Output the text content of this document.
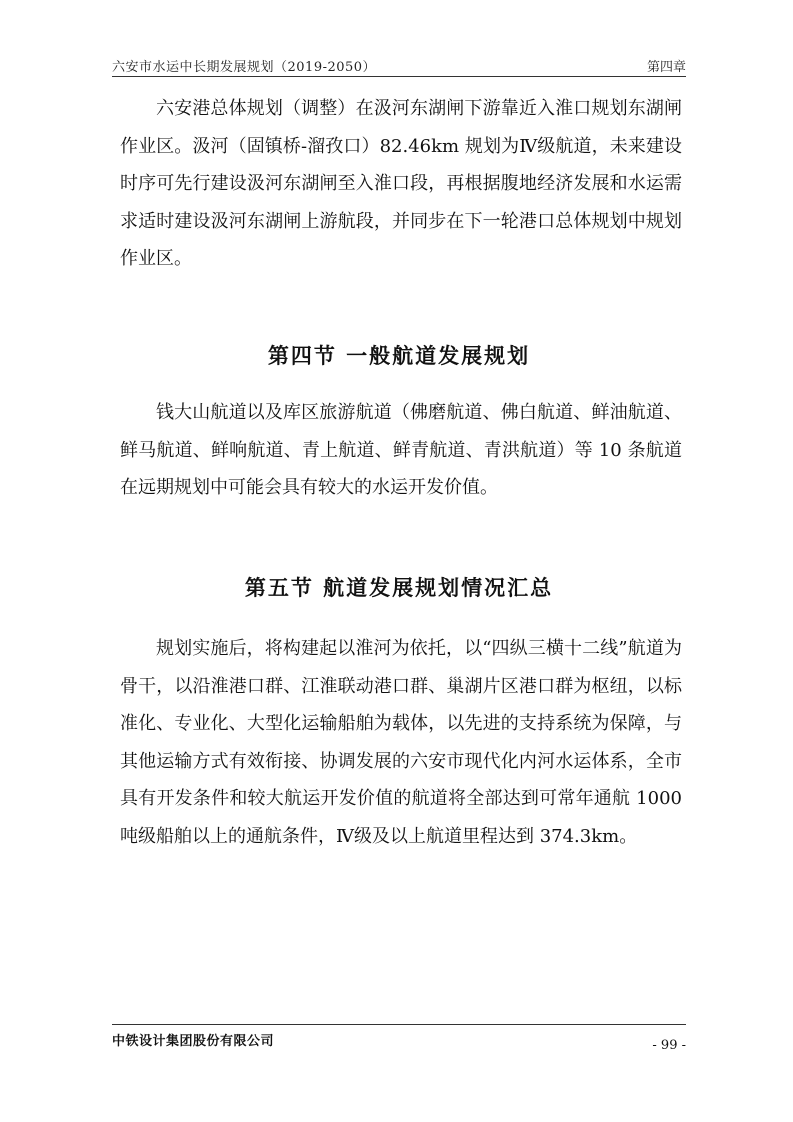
六安市水运中长期发展规划（2019-2050）	第四章

六安港总体规划（调整）在汲河东湖闸下游靠近入淮口规划东湖闸作业区。汲河（固镇桥-溜孜口）82.46km 规划为Ⅳ级航道，未来建设时序可先行建设汲河东湖闸至入淮口段，再根据腹地经济发展和水运需求适时建设汲河东湖闸上游航段，并同步在下一轮港口总体规划中规划作业区。

第四节 一般航道发展规划

钱大山航道以及库区旅游航道（佛磨航道、佛白航道、鲜油航道、鲜马航道、鲜响航道、青上航道、鲜青航道、青洪航道）等 10 条航道在远期规划中可能会具有较大的水运开发价值。

第五节 航道发展规划情况汇总

规划实施后，将构建起以淮河为依托，以“四纵三横十二线”航道为骨干，以沿淮港口群、江淮联动港口群、巢湖片区港口群为枢纽，以标准化、专业化、大型化运输船舶为载体，以先进的支持系统为保障，与其他运输方式有效衔接、协调发展的六安市现代化内河水运体系，全市具有开发条件和较大航运开发价值的航道将全部达到可常年通航 1000 吨级船舶以上的通航条件，Ⅳ级及以上航道里程达到 374.3km。

中铁设计集团股份有限公司	- 99 -
